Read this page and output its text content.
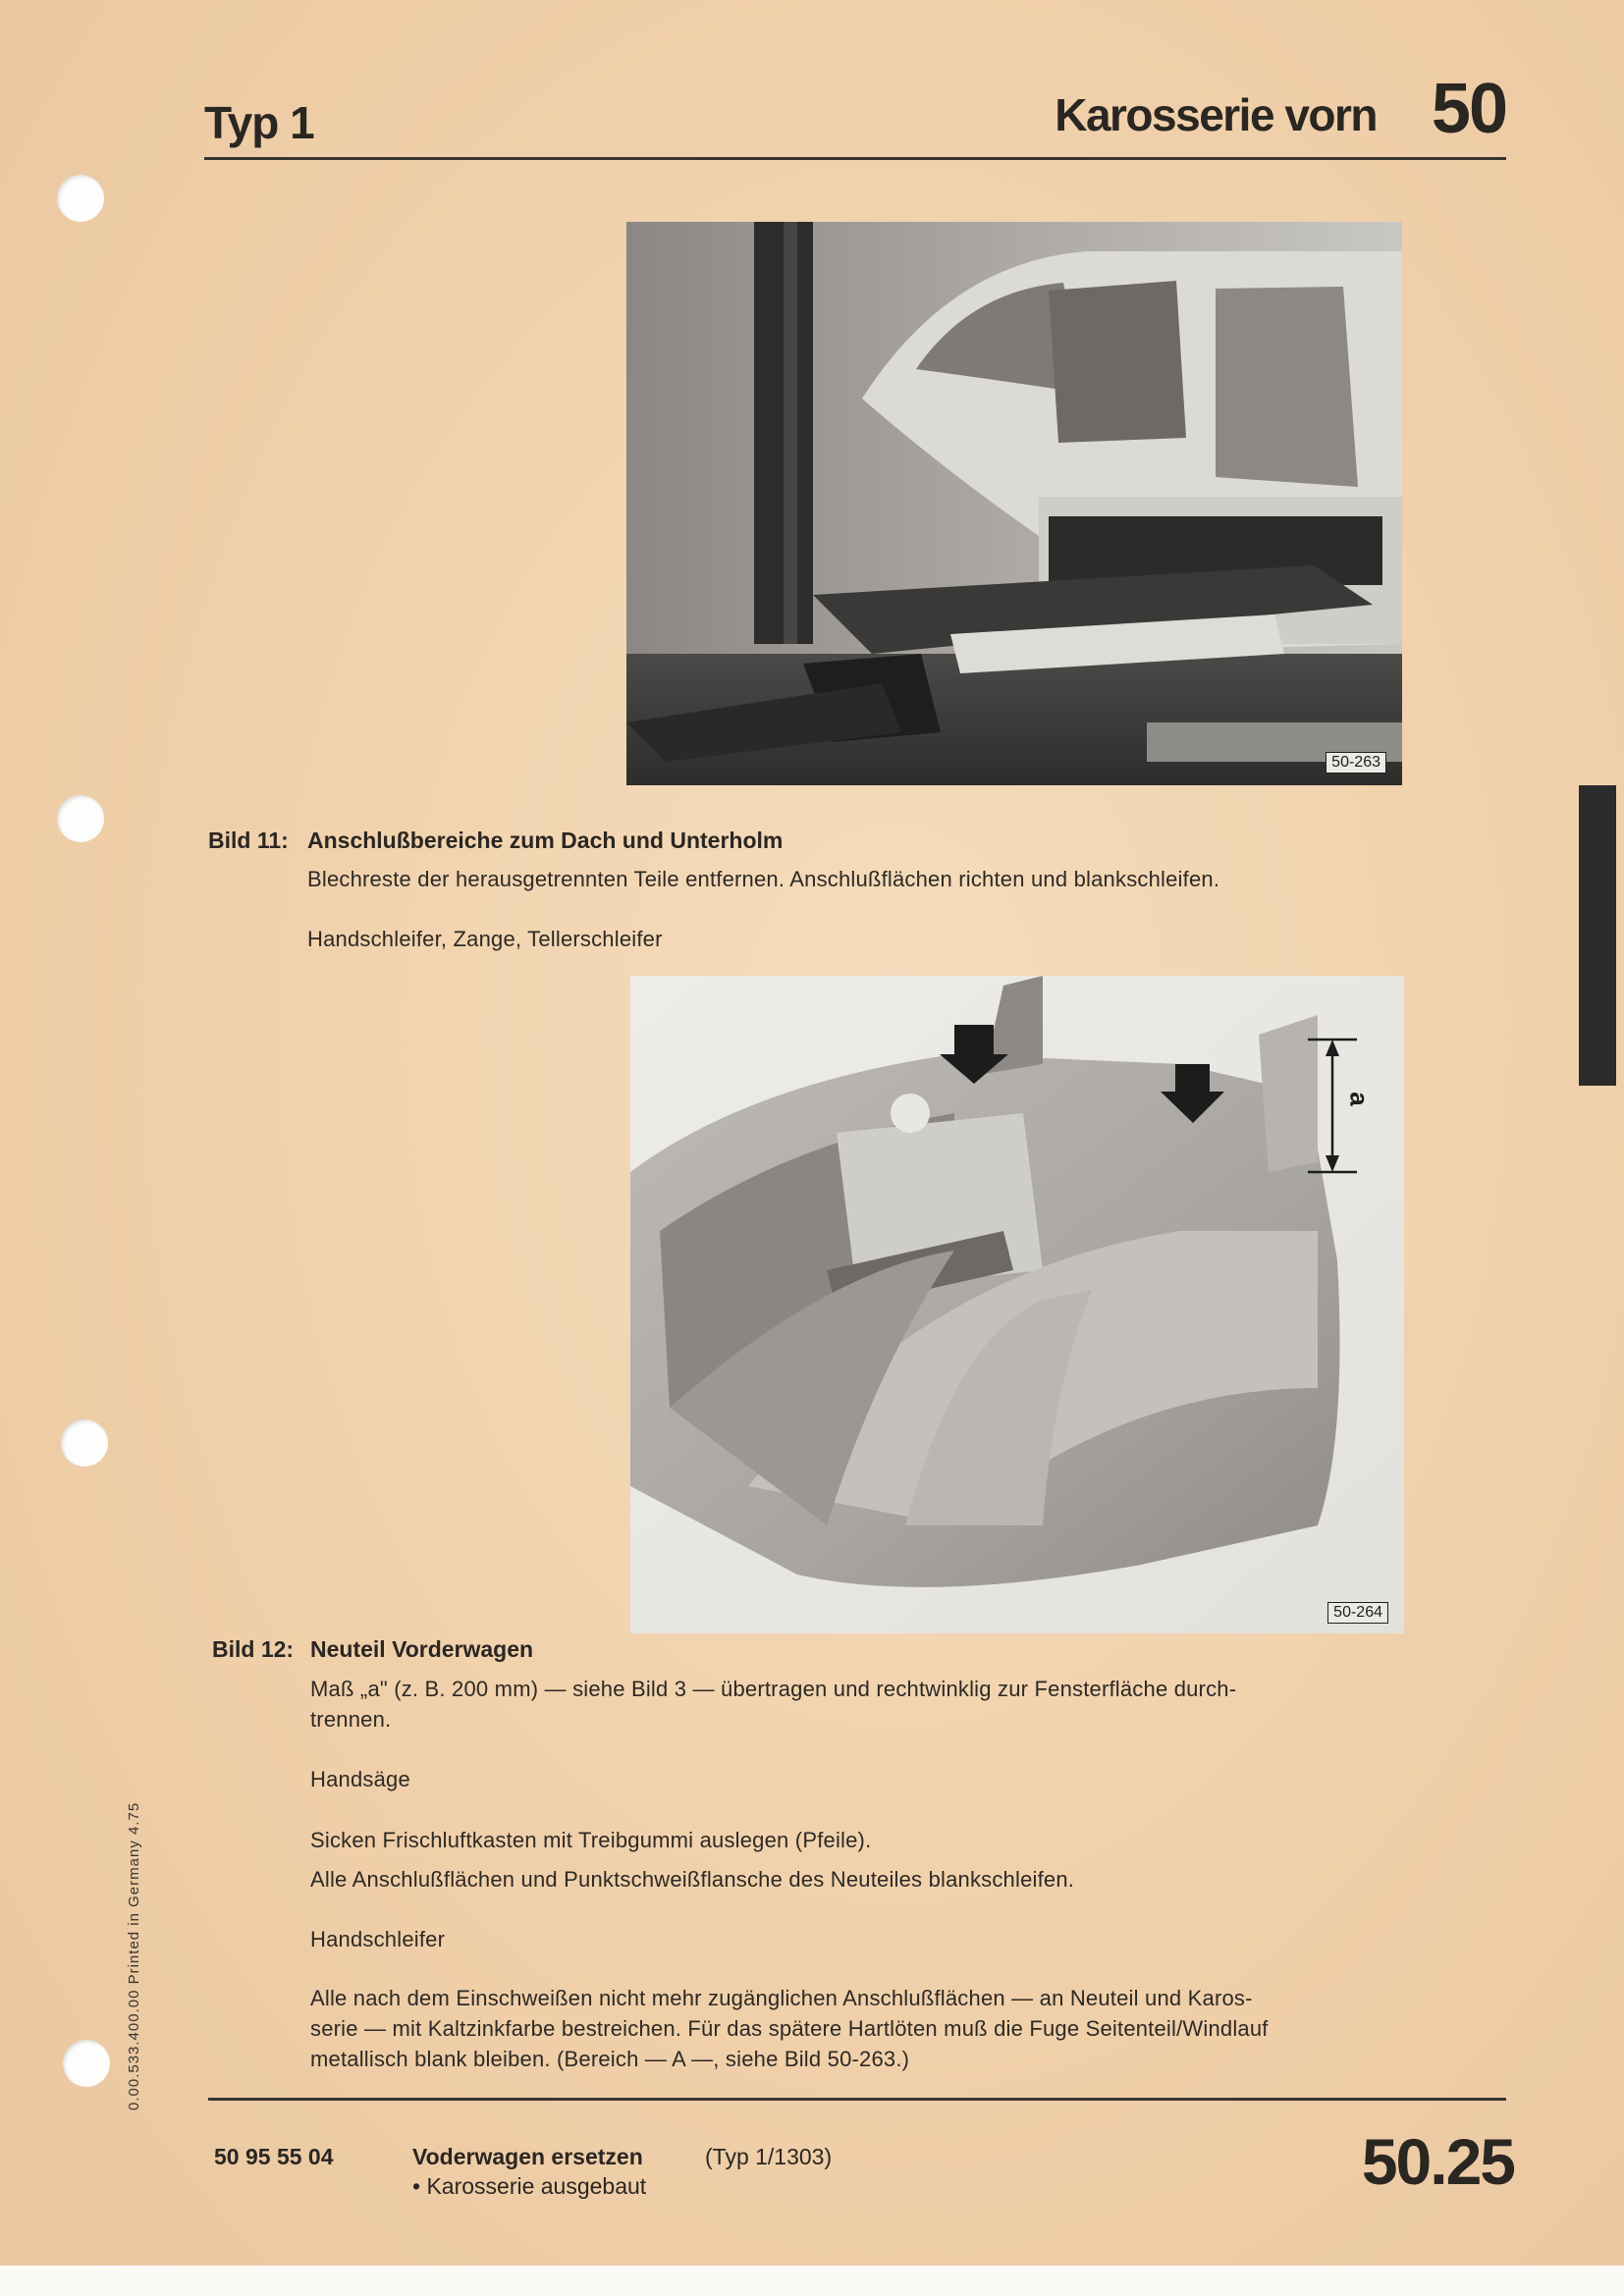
Typ 1	Karosserie vorn 50
50-263
Bild 11: Anschlußbereiche zum Dach und Unterholm
Blechreste der herausgetrennten Teile entfernen. Anschlußflächen richten und blankschleifen.
Handschleifer, Zange, Tellerschleifer
a
50-264
Bild 12: Neuteil Vorderwagen
Maß „a" (z. B. 200 mm) — siehe Bild 3 — übertragen und rechtwinklig zur Fensterfläche durch-
trennen.
Handsäge
Sicken Frischluftkasten mit Treibgummi auslegen (Pfeile).
Alle Anschlußflächen und Punktschweißflansche des Neuteiles blankschleifen.
Handschleifer
Alle nach dem Einschweißen nicht mehr zugänglichen Anschlußflächen — an Neuteil und Karos-
serie — mit Kaltzinkfarbe bestreichen. Für das spätere Hartlöten muß die Fuge Seitenteil/Windlauf
metallisch blank bleiben. (Bereich — A —, siehe Bild 50-263.)
0.00.533.400.00 Printed in Germany 4.75
50 95 55 04	Voderwagen ersetzen	(Typ 1/1303)
• Karosserie ausgebaut	50.25
